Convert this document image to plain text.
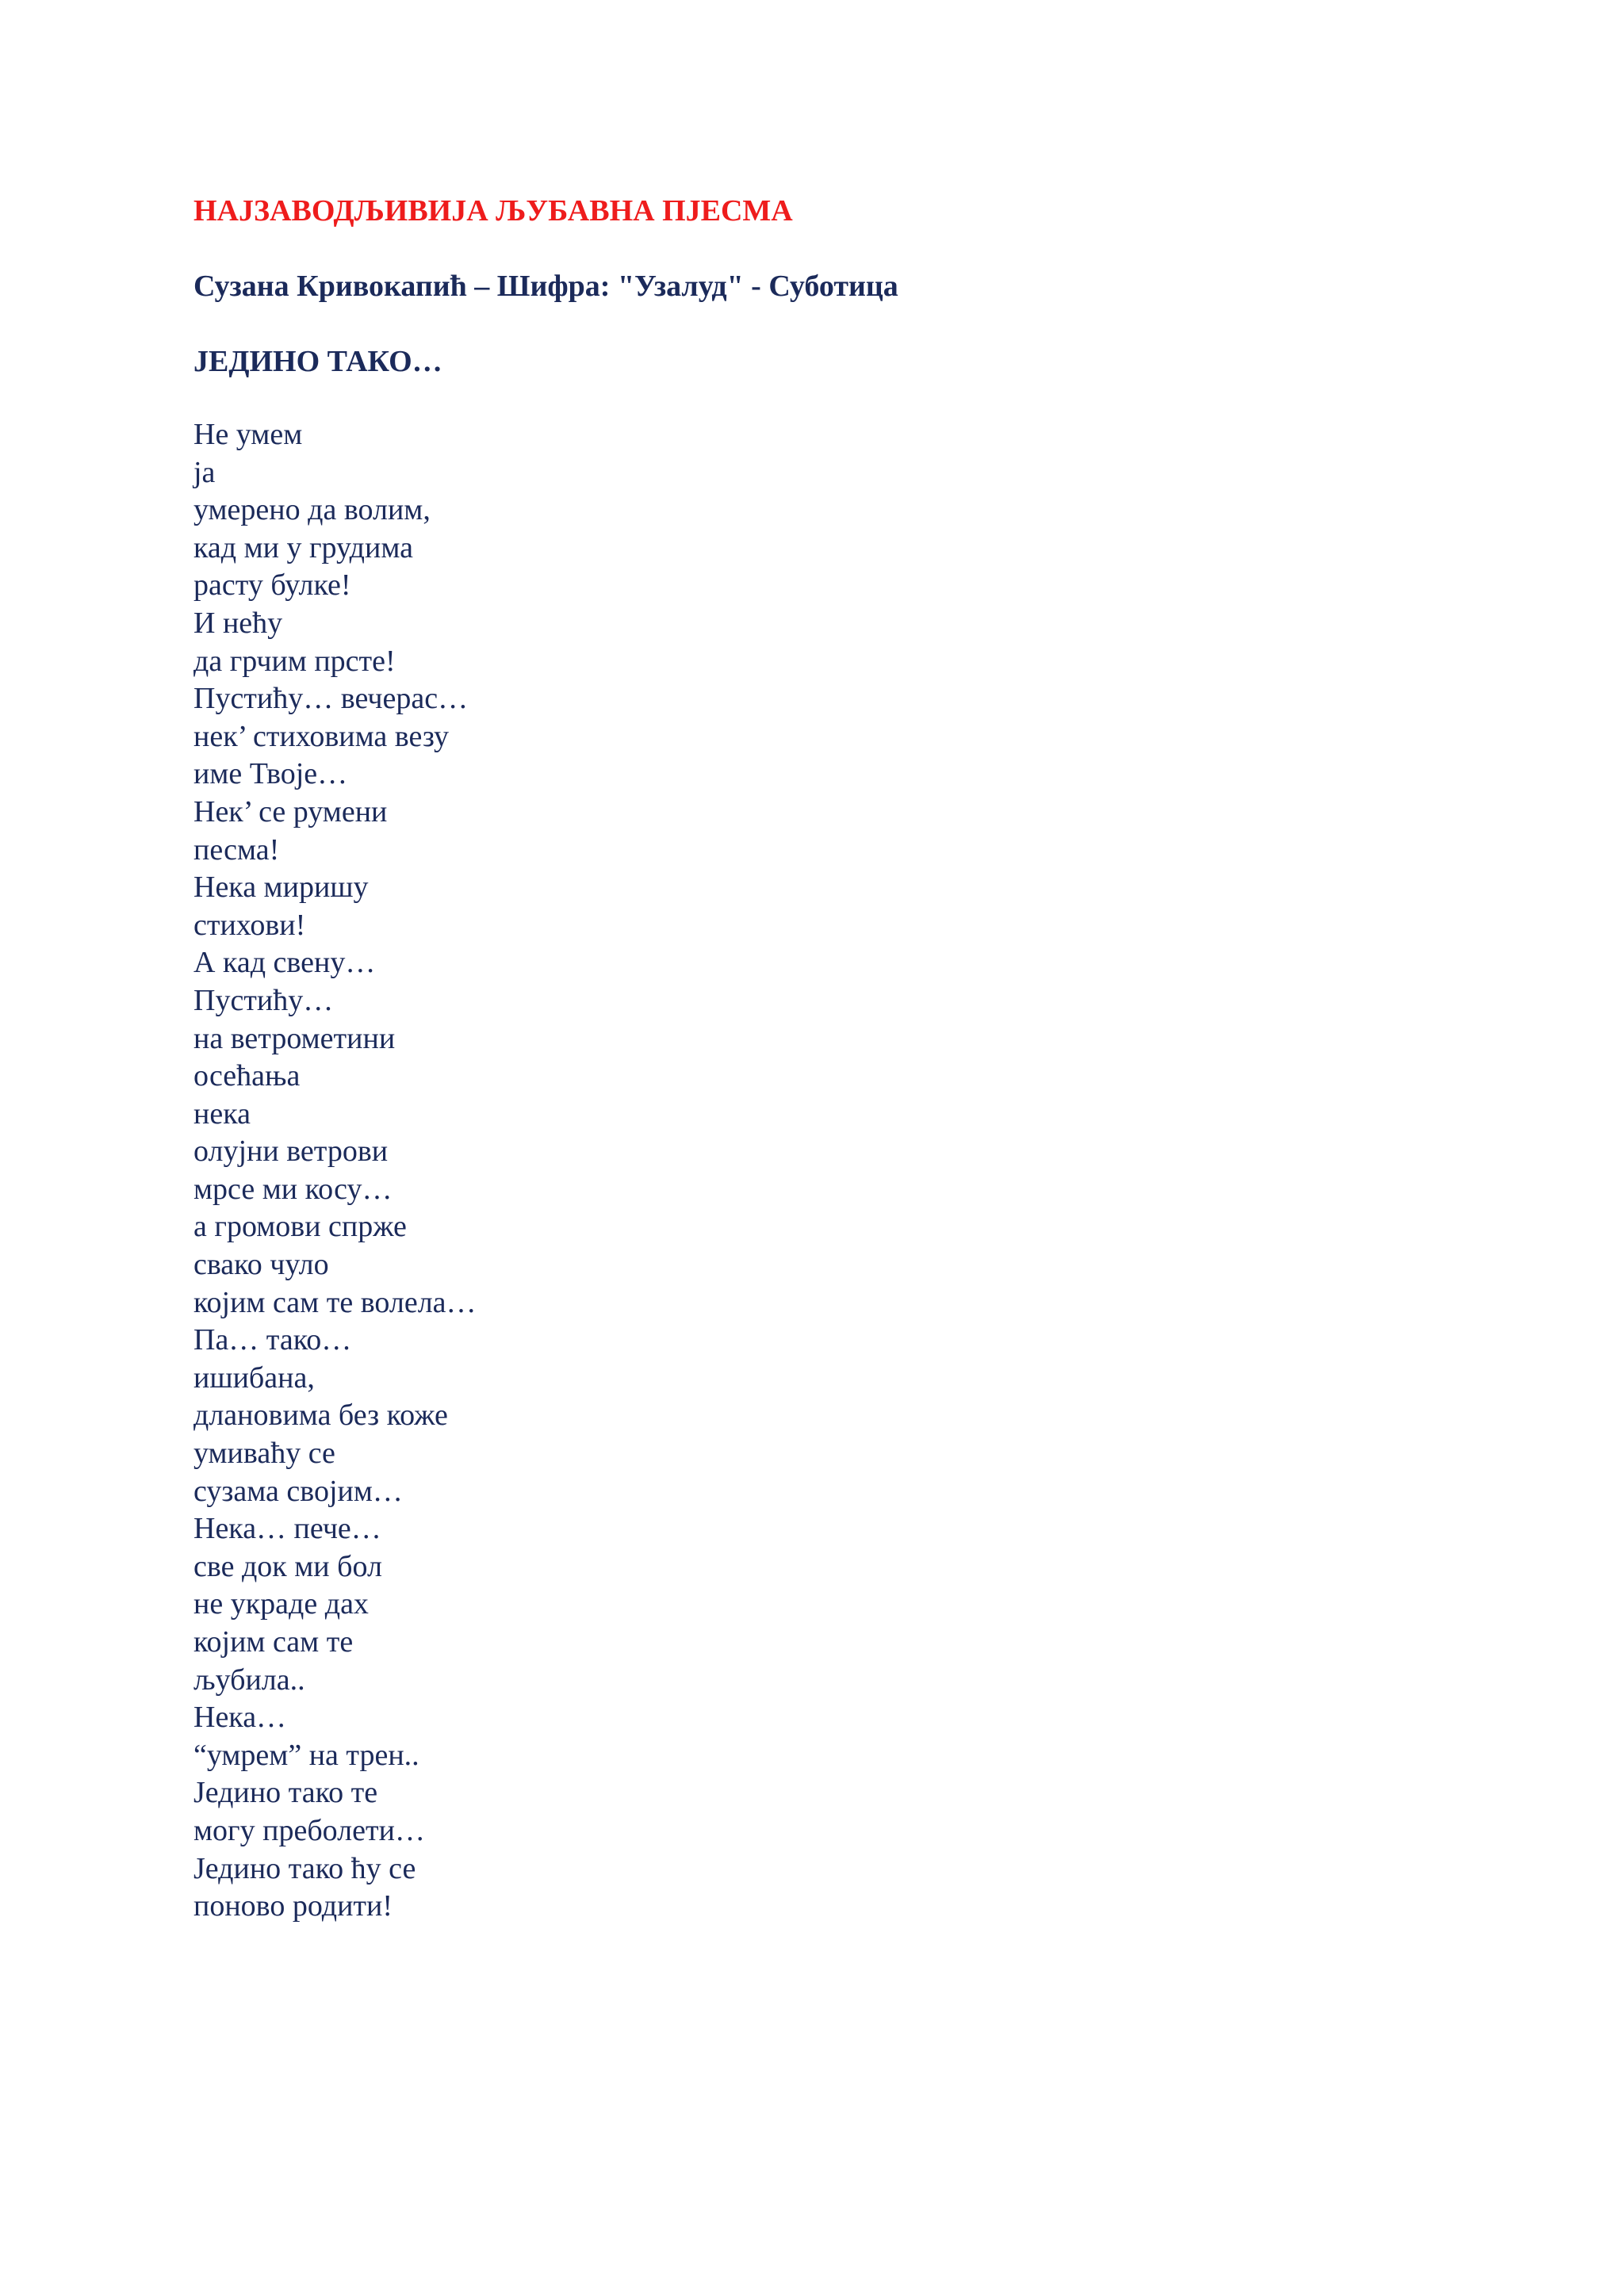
НАЈЗАВОДЉИВИЈА ЉУБАВНА ПЈЕСМА
Сузана Кривокапић – Шифра: "Узалуд" - Суботица
ЈЕДИНО ТАКО…
Не умем
ја
умерено да волим,
кад ми у грудима
расту булке!
И нећу
да грчим прсте!
Пустићу… вечерас…
нек’ стиховима везу
име Твоје…
Нек’ се румени
песма!
Нека миришу
стихови!
А кад свену…
Пустићу…
на ветрометини
осећања
нека
олујни ветрови
мрсе ми косу…
а громови спрже
свако чуло
којим сам те волела…
Па… тако…
ишибана,
длановима без коже
умиваћу се
сузама својим…
Нека… пече…
све док ми бол
не украде дах
којим сам те
љубила..
Нека…
“умрем” на трен..
Једино тако те
могу преболети…
Једино тако ћу се
поново родити!
